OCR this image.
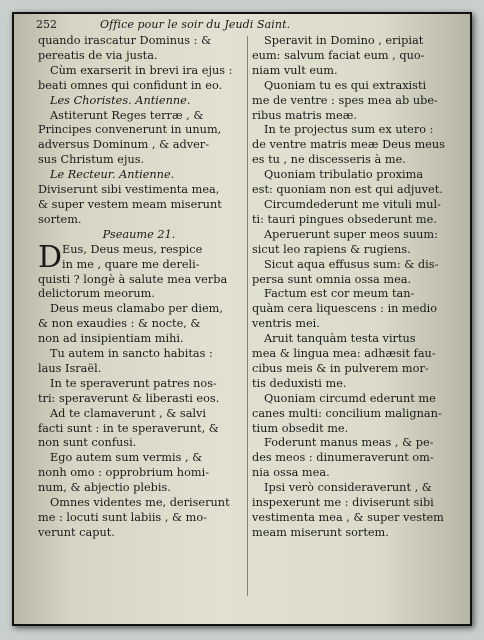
252	Office pour le soir du Jeudi Saint.
quando irascatur Dominus : &
pereatis de via justa.
Cùm exarserit in brevi ira ejus :
beati omnes qui confidunt in eo.
Les Choristes. Antienne.
Astiterunt Reges terræ , &
Principes convenerunt in unum,
adversus Dominum , & adver-
sus Christum ejus.
Le Recteur. Antienne.
Diviserunt sibi vestimenta mea,
& super vestem meam miserunt
sortem.
Pseaume 21.
D Eus, Deus meus, respice
in me , quare me dereli-
quisti ? longè à salute mea verba
delictorum meorum.
Deus meus clamabo per diem,
& non exaudies : & nocte, &
non ad insipientiam mihi.
Tu autem in sancto habitas :
laus Israël.
In te speraverunt patres nos-
tri: speraverunt & liberasti eos.
Ad te clamaverunt , & salvi
facti sunt : in te speraverunt, &
non sunt confusi.
Ego autem sum vermis , &
nonh omo : opprobrium homi-
num, & abjectio plebis.
Omnes videntes me, deriserunt
me : locuti sunt labiis , & mo-
verunt caput.
Speravit in Domino , eripiat
eum: salvum faciat eum , quo-
niam vult eum.
Quoniam tu es qui extraxisti
me de ventre : spes mea ab ube-
ribus matris meæ.
In te projectus sum ex utero :
de ventre matris meæ Deus meus
es tu , ne discesseris à me.
Quoniam tribulatio proxima
est: quoniam non est qui adjuvet.
Circumdederunt me vituli mul-
ti: tauri pingues obsederunt me.
Aperuerunt super meos suum:
sicut leo rapiens & rugiens.
Sicut aqua effusus sum: & dis-
persa sunt omnia ossa mea.
Factum est cor meum tan-
quàm cera liquescens : in medio
ventris mei.
Aruit tanquàm testa virtus
mea & lingua mea: adhæsit fau-
cibus meis & in pulverem mor-
tis deduxisti me.
Quoniam circumd ederunt me
canes multi: concilium malignan-
tium obsedit me.
Foderunt manus meas , & pe-
des meos : dinumeraverunt om-
nia ossa mea.
Ipsi verò consideraverunt , &
inspexerunt me : diviserunt sibi
vestimenta mea , & super vestem
meam miserunt sortem.
